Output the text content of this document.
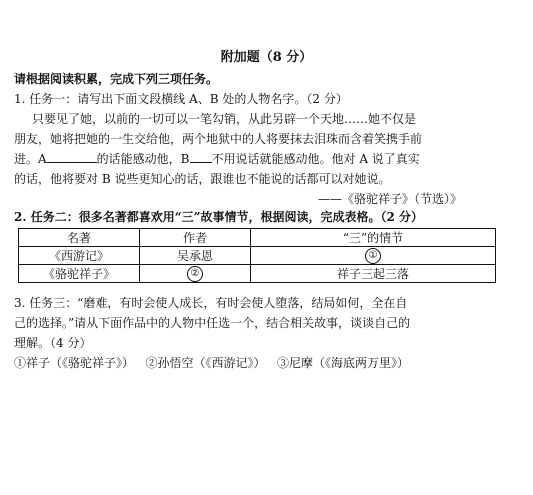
附加题（8 分）
请根据阅读积累，完成下列三项任务。
1. 任务一：请写出下面文段横线 A、B 处的人物名字。（2 分）
只要见了她，以前的一切可以一笔勾销，从此另辟一个天地……她不仅是
朋友，她将把她的一生交给他，两个地狱中的人将要抹去泪珠而含着笑携手前
进。A	的话能感动他，B 不用说话就能感动他。他对 A 说了真实
的话，他将要对 B 说些更知心的话，跟谁也不能说的话都可以对她说。
——《骆驼祥子》（节选）》
2. 任务二：很多名著都喜欢用“三”故事情节，根据阅读，完成表格。（2 分）
名著	作者	“三”的情节
《西游记》	吴承恩	①
《骆驼祥子》	②	祥子三起三落
3. 任务三：“磨难，有时会使人成长，有时会使人堕落，结局如何，全在自
己的选择。”请从下面作品中的人物中任选一个，结合相关故事，谈谈自己的
理解。（4 分）
①祥子（《骆驼祥子》） ②孙悟空（《西游记》） ③尼摩（《海底两万里》）
